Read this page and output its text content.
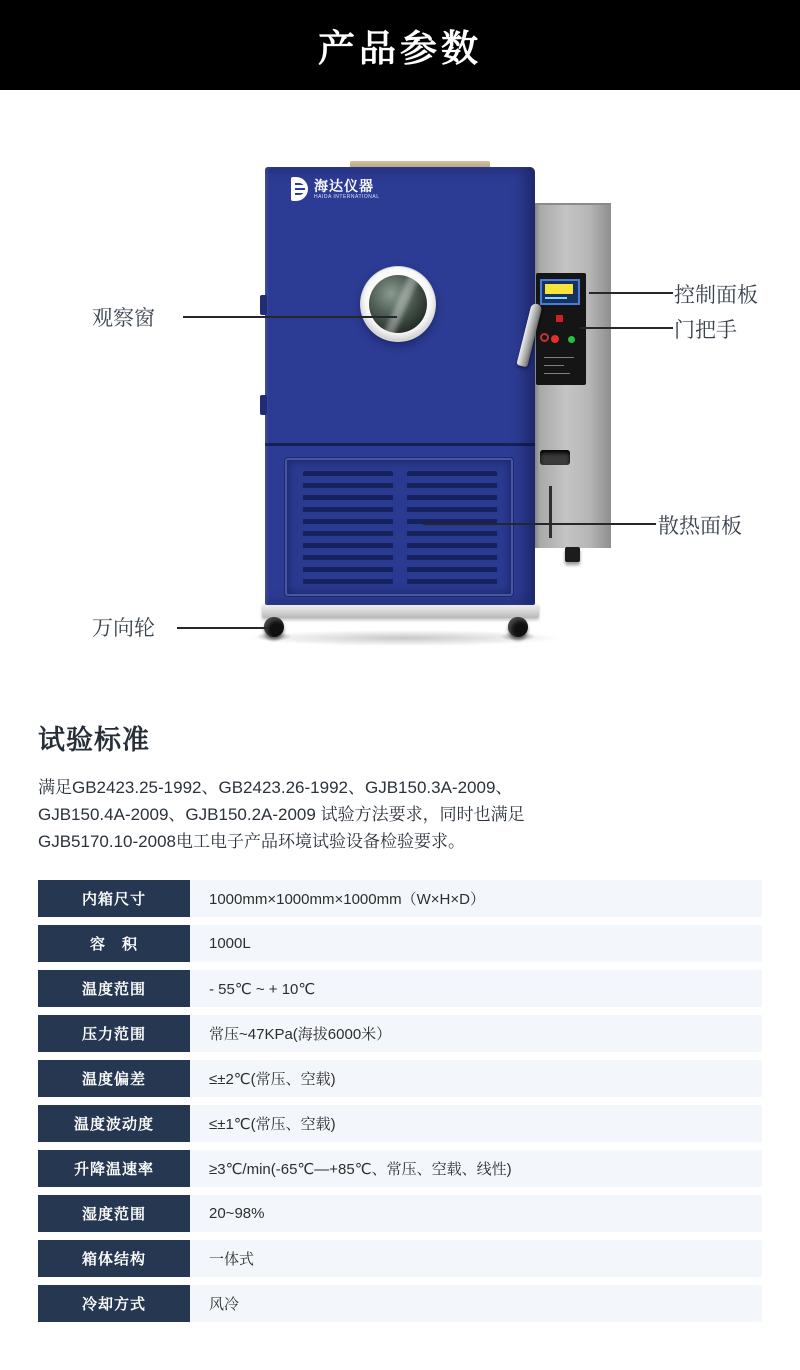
产品参数
海达仪器
HAIDA INTERNATIONAL
观察窗
控制面板
门把手
散热面板
万向轮
试验标准
满足GB2423.25-1992、GB2423.26-1992、GJB150.3A-2009、
GJB150.4A-2009、GJB150.2A-2009 试验方法要求，同时也满足
GJB5170.10-2008电工电子产品环境试验设备检验要求。
内箱尺寸	1000mm×1000mm×1000mm（W×H×D）
容　积	1000L
温度范围	- 55℃ ~ + 10℃
压力范围	常压~47KPa(海拔6000米）
温度偏差	≤±2℃(常压、空载)
温度波动度	≤±1℃(常压、空载)
升降温速率	≥3℃/min(-65℃—+85℃、常压、空载、线性)
湿度范围	20~98%
箱体结构	一体式
冷却方式	风冷
